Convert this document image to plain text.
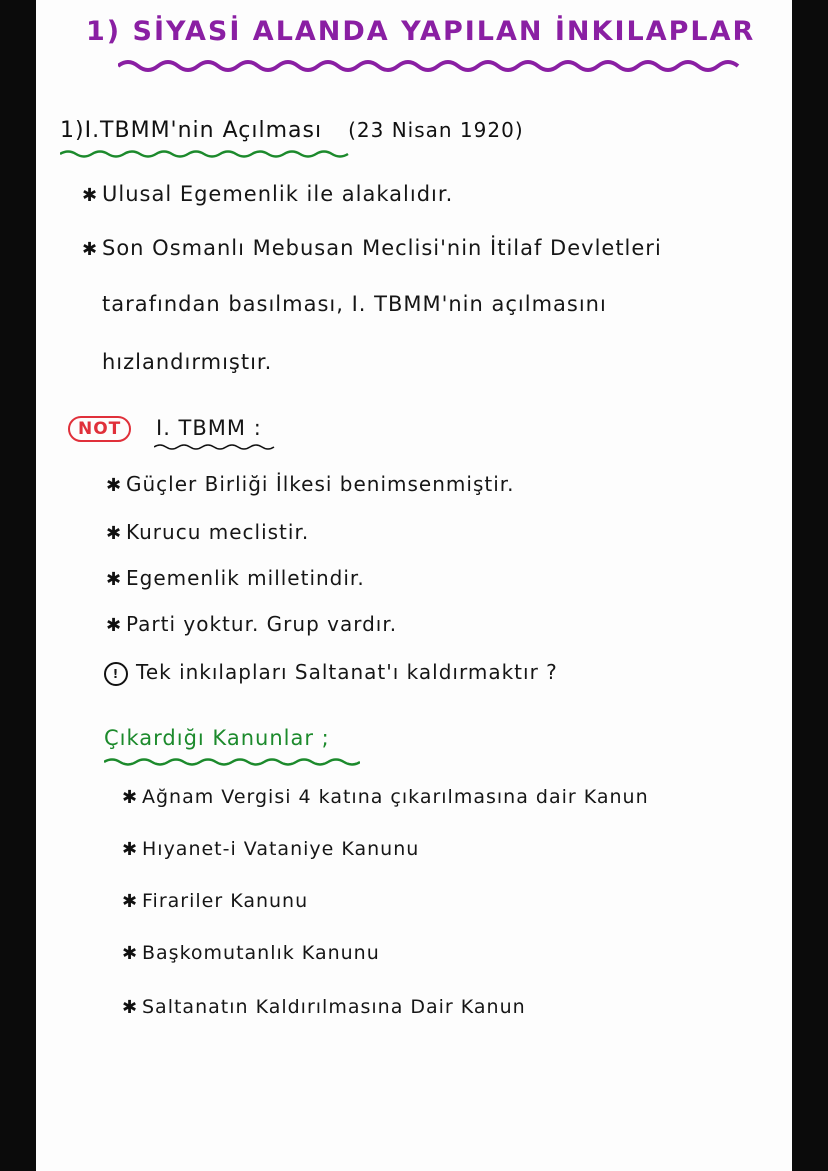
1) SİYASİ ALANDA YAPILAN İNKILAPLAR
1)I.TBMM'nin Açılması (23 Nisan 1920)
✱ Ulusal Egemenlik ile alakalıdır.
✱ Son Osmanlı Mebusan Meclisi'nin İtilaf Devletleri
tarafından basılması, I. TBMM'nin açılmasını
hızlandırmıştır.
NOT	I. TBMM :
✱ Güçler Birliği İlkesi benimsenmiştir.
✱ Kurucu meclistir.
✱ Egemenlik milletindir.
✱ Parti yoktur. Grup vardır.
! Tek inkılapları Saltanat'ı kaldırmaktır ?
Çıkardığı Kanunlar ;
✱ Ağnam Vergisi 4 katına çıkarılmasına dair Kanun
✱ Hıyanet-i Vataniye Kanunu
✱ Firariler Kanunu
✱ Başkomutanlık Kanunu
✱ Saltanatın Kaldırılmasına Dair Kanun
